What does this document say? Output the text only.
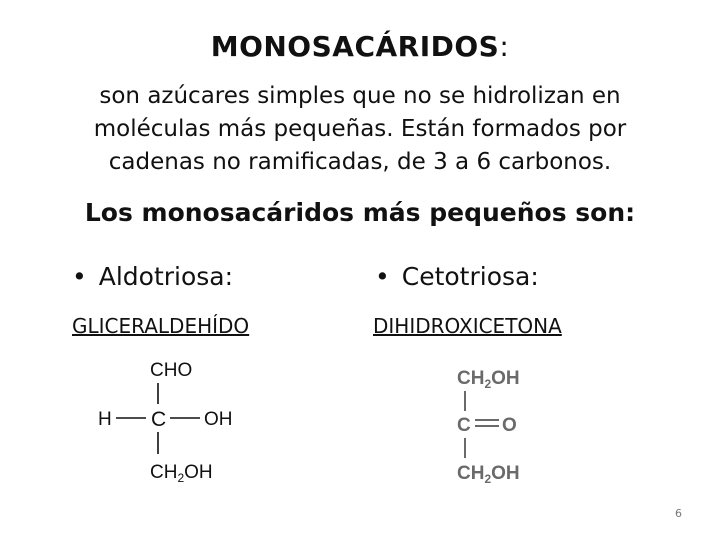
MONOSACÁRIDOS:
son azúcares simples que no se hidrolizan en
moléculas más pequeñas. Están formados por
cadenas no ramificadas, de 3 a 6 carbonos.
Los monosacáridos más pequeños son:
• Aldotriosa:	• Cetotriosa:
GLICERALDEHÍDO	DIHIDROXICETONA
CHO
H C OH
$CH_2OH$
$CH_2OH$
C O
$CH_2OH$
6
